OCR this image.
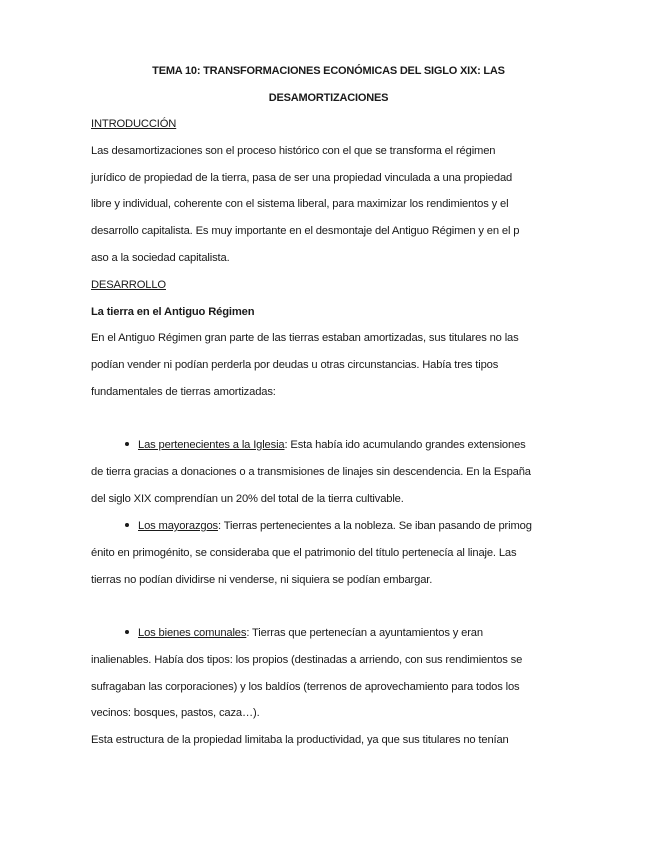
TEMA 10: TRANSFORMACIONES ECONÓMICAS DEL SIGLO XIX: LAS
DESAMORTIZACIONES
INTRODUCCIÓN
Las desamortizaciones son el proceso histórico con el que se transforma el régimen
jurídico de propiedad de la tierra, pasa de ser una propiedad vinculada a una propiedad
libre y individual, coherente con el sistema liberal, para maximizar los rendimientos y el
desarrollo capitalista. Es muy importante en el desmontaje del Antiguo Régimen y en el p
aso a la sociedad capitalista.
DESARROLLO
La tierra en el Antiguo Régimen
En el Antiguo Régimen gran parte de las tierras estaban amortizadas, sus titulares no las
podían vender ni podían perderla por deudas u otras circunstancias. Había tres tipos
fundamentales de tierras amortizadas:
Las pertenecientes a la Iglesia: Esta había ido acumulando grandes extensiones
de tierra gracias a donaciones o a transmisiones de linajes sin descendencia. En la España
del siglo XIX comprendían un 20% del total de la tierra cultivable.
Los mayorazgos: Tierras pertenecientes a la nobleza. Se iban pasando de primog
énito en primogénito, se consideraba que el patrimonio del título pertenecía al linaje. Las
tierras no podían dividirse ni venderse, ni siquiera se podían embargar.
Los bienes comunales: Tierras que pertenecían a ayuntamientos y eran
inalienables. Había dos tipos: los propios (destinadas a arriendo, con sus rendimientos se
sufragaban las corporaciones) y los baldíos (terrenos de aprovechamiento para todos los
vecinos: bosques, pastos, caza…).
Esta estructura de la propiedad limitaba la productividad, ya que sus titulares no tenían
